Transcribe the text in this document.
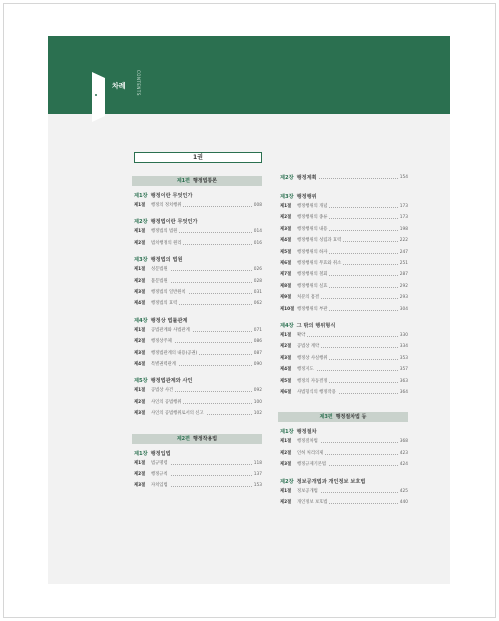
차례	CONTENTS
1권
제1편 행정법통론
제1장 행정이란 무엇인가
제1절 행정의 정치행위	008
제2장 행정법이란 무엇인가
제1절 행정법의 법원	014
제2절 법치행정의 원리	016
제3장 행정법의 법원
제1절 성문법원	026
제2절 불문법원	028
제3절 행정법의 일반원칙	031
제4절 행정법의 효력	062
제4장 행정상 법률관계
제1절 공법관계와 사법관계	071
제2절 행정상주체	086
제3절 행정법관계의 내용(공권)	087
제4절 특별권력관계	090
제5장 행정법관계와 사인
제1절 공법상 사건	092
제2절 사인의 공법행위	100
제3절 사인의 공법행위로서의 신고	102
제2편 행정작용법
제1장 행정입법
제1절 법규명령	118
제2절 행정규칙	137
제3절 자치입법	153
제2장 행정계획	154
제3장 행정행위
제1절 행정행위의 개념	173
제2절 행정행위의 종류	173
제3절 행정행위의 내용	198
제4절 행정행위의 성립과 효력	222
제5절 행정행위의 하자	247
제6절 행정행위의 무효와 취소	251
제7절 행정행위의 철회	287
제8절 행정행위의 실효	292
제9절 처분의 흠결	293
제10절 행정행위의 부관	304
제4장 그 밖의 행위형식
제1절 확약	330
제2절 공법상 계약	334
제3절 행정상 사실행위	353
제4절 행정지도	357
제5절 행정의 자동결정	363
제6절 사법형식의 행정작용	364
제3편 행정절차법 등
제1장 행정절차
제1절 행정절차법	368
제2절 인허 처리의제	423
제3절 행정규제기본법	424
제2장 정보공개법과 개인정보 보호법
제1절 정보공개법	425
제2절 개인정보 보호법	440
